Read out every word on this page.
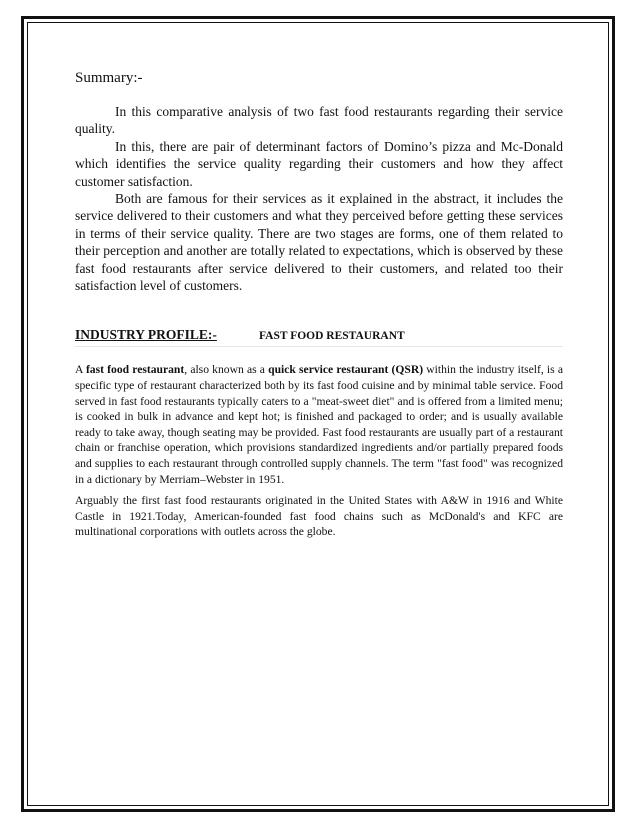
Summary:-

In this comparative analysis of two fast food restaurants regarding their service quality.

In this, there are pair of determinant factors of Domino’s pizza and Mc-Donald which identifies the service quality regarding their customers and how they affect customer satisfaction.

Both are famous for their services as it explained in the abstract, it includes the service delivered to their customers and what they perceived before getting these services in terms of their service quality. There are two stages are forms, one of them related to their perception and another are totally related to expectations, which is observed by these fast food restaurants after service delivered to their customers, and related too their satisfaction level of customers.

INDUSTRY PROFILE:-	FAST FOOD RESTAURANT

A fast food restaurant, also known as a quick service restaurant (QSR) within the industry itself, is a specific type of restaurant characterized both by its fast food cuisine and by minimal table service. Food served in fast food restaurants typically caters to a "meat-sweet diet" and is offered from a limited menu; is cooked in bulk in advance and kept hot; is finished and packaged to order; and is usually available ready to take away, though seating may be provided. Fast food restaurants are usually part of a restaurant chain or franchise operation, which provisions standardized ingredients and/or partially prepared foods and supplies to each restaurant through controlled supply channels. The term "fast food" was recognized in a dictionary by Merriam–Webster in 1951.

Arguably the first fast food restaurants originated in the United States with A&W in 1916 and White Castle in 1921.Today, American-founded fast food chains such as McDonald's and KFC are multinational corporations with outlets across the globe.
